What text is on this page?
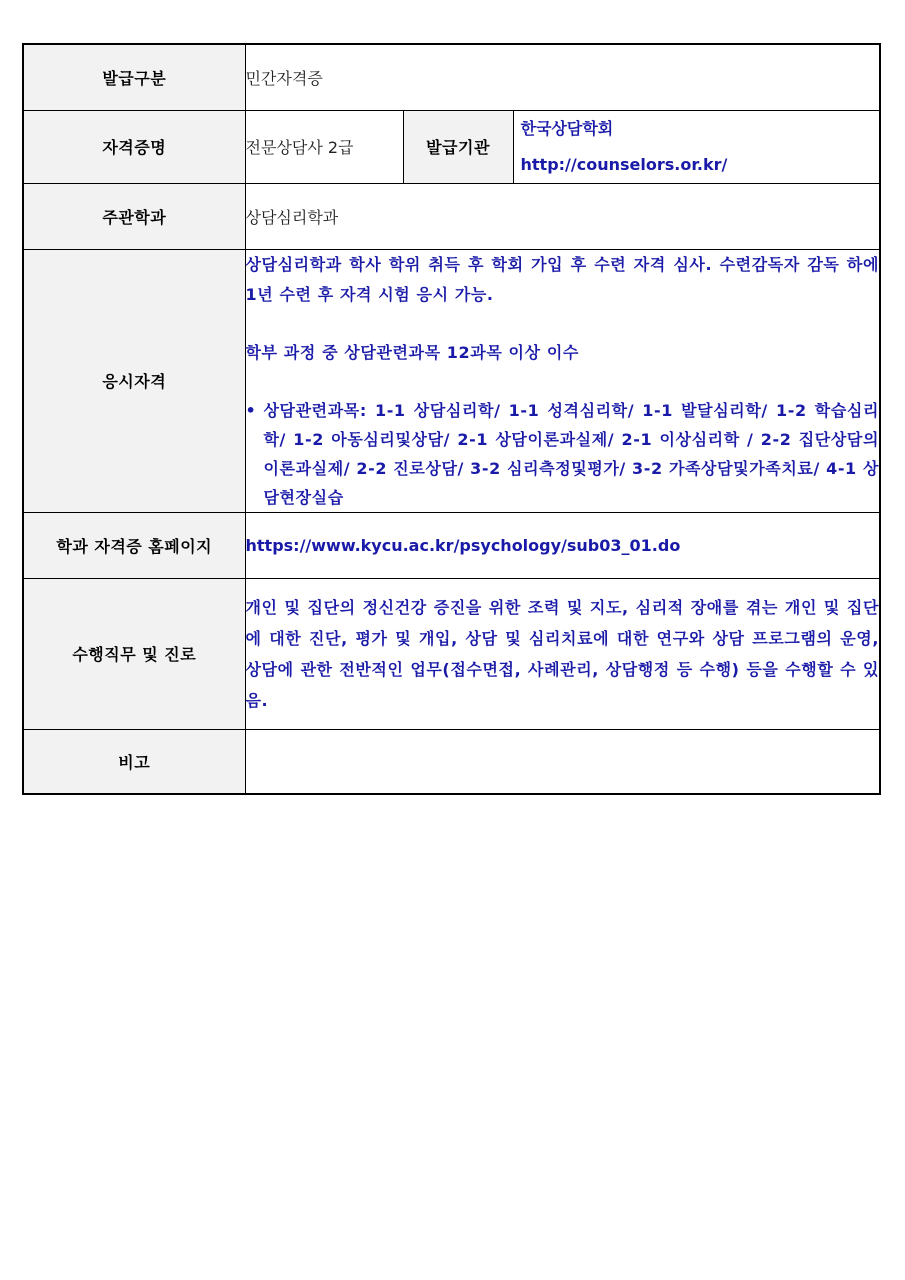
발급구분	민간자격증		
자격증명	전문상담사 2급	발급기관	한국상담학회
http://counselors.or.kr/

주관학과	상담심리학과		
응시자격	상담심리학과 학사 학위 취득 후 학회 가입 후 수련 자격 심사. 수련감독자 감독 하에 1년 수련 후 자격 시험 응시 가능.
학부 과정 중 상담관련과목 12과목 이상 이수
• 상담관련과목: 1-1 상담심리학/ 1-1 성격심리학/ 1-1 발달심리학/ 1-2 학습심리학/ 1-2 아동심리및상담/ 2-1 상담이론과실제/ 2-1 이상심리학 / 2-2 집단상담의이론과실제/ 2-2 진로상담/ 3-2 심리측정및평가/ 3-2 가족상담및가족치료/ 4-1 상담현장실습		

학과 자격증 홈페이지	https://www.kycu.ac.kr/psychology/sub03_01.do		
수행직무 및 진로	개인 및 집단의 정신건강 증진을 위한 조력 및 지도, 심리적 장애를 겪는 개인 및 집단에 대한 진단, 평가 및 개입, 상담 및 심리치료에 대한 연구와 상담 프로그램의 운영, 상담에 관한 전반적인 업무(접수면접, 사례관리, 상담행정 등 수행) 등을 수행할 수 있음.		

비고			
